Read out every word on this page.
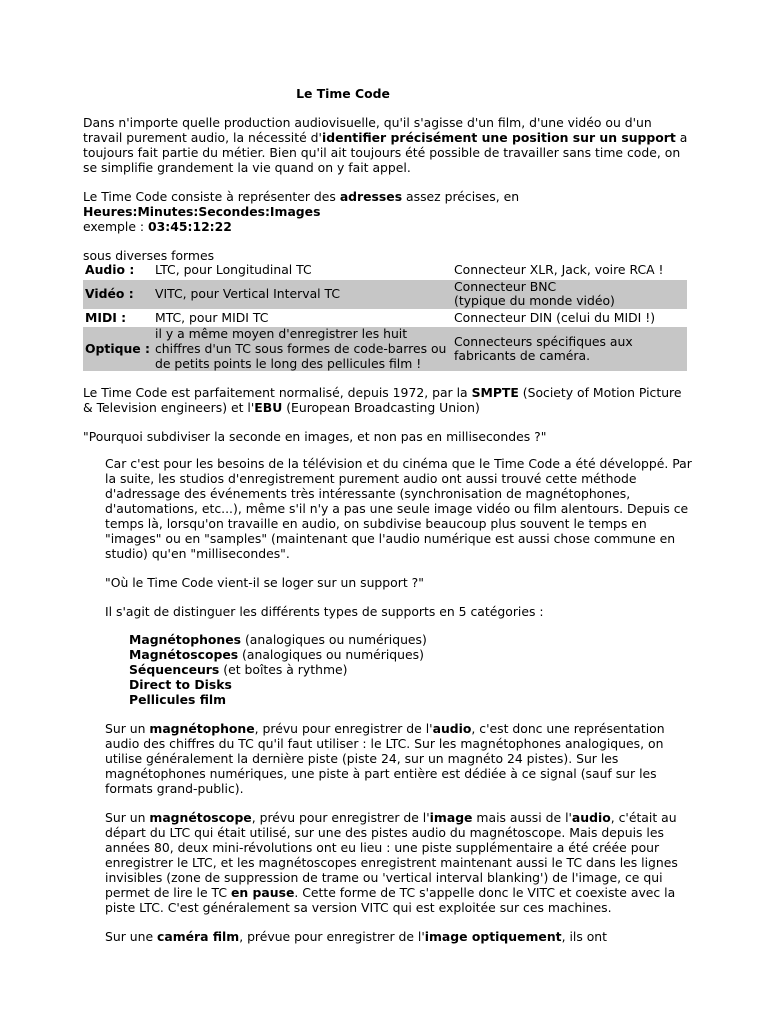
Le Time Code

Dans n'importe quelle production audiovisuelle, qu'il s'agisse d'un film, d'une vidéo ou d'un travail purement audio, la nécessité d'identifier précisément une position sur un support a toujours fait partie du métier. Bien qu'il ait toujours été possible de travailler sans time code, on se simplifie grandement la vie quand on y fait appel.

Le Time Code consiste à représenter des adresses assez précises, en
Heures:Minutes:Secondes:Images
exemple : 03:45:12:22

sous diverses formes

Audio :	LTC, pour Longitudinal TC	Connecteur XLR, Jack, voire RCA !
Vidéo :	VITC, pour Vertical Interval TC	Connecteur BNC
(typique du monde vidéo)
MIDI :	MTC, pour MIDI TC	Connecteur DIN (celui du MIDI !)
Optique :	il y a même moyen d'enregistrer les huit chiffres d'un TC sous formes de code-barres ou de petits points le long des pellicules film !	Connecteurs spécifiques aux fabricants de caméra.

Le Time Code est parfaitement normalisé, depuis 1972, par la SMPTE (Society of Motion Picture & Television engineers) et l'EBU (European Broadcasting Union)

"Pourquoi subdiviser la seconde en images, et non pas en millisecondes ?"

Car c'est pour les besoins de la télévision et du cinéma que le Time Code a été développé. Par la suite, les studios d'enregistrement purement audio ont aussi trouvé cette méthode d'adressage des événements très intéressante (synchronisation de magnétophones, d'automations, etc...), même s'il n'y a pas une seule image vidéo ou film alentours. Depuis ce temps là, lorsqu'on travaille en audio, on subdivise beaucoup plus souvent le temps en "images" ou en "samples" (maintenant que l'audio numérique est aussi chose commune en studio) qu'en "millisecondes".

"Où le Time Code vient-il se loger sur un support ?"

Il s'agit de distinguer les différents types de supports en 5 catégories :

Magnétophones (analogiques ou numériques)
Magnétoscopes (analogiques ou numériques)
Séquenceurs (et boîtes à rythme)
Direct to Disks
Pellicules film

Sur un magnétophone, prévu pour enregistrer de l'audio, c'est donc une représentation audio des chiffres du TC qu'il faut utiliser : le LTC. Sur les magnétophones analogiques, on utilise généralement la dernière piste (piste 24, sur un magnéto 24 pistes). Sur les magnétophones numériques, une piste à part entière est dédiée à ce signal (sauf sur les formats grand-public).

Sur un magnétoscope, prévu pour enregistrer de l'image mais aussi de l'audio, c'était au départ du LTC qui était utilisé, sur une des pistes audio du magnétoscope. Mais depuis les années 80, deux mini-révolutions ont eu lieu : une piste supplémentaire a été créée pour enregistrer le LTC, et les magnétoscopes enregistrent maintenant aussi le TC dans les lignes invisibles (zone de suppression de trame ou 'vertical interval blanking') de l'image, ce qui permet de lire le TC en pause. Cette forme de TC s'appelle donc le VITC et coexiste avec la piste LTC. C'est généralement sa version VITC qui est exploitée sur ces machines.

Sur une caméra film, prévue pour enregistrer de l'image optiquement, ils ont
